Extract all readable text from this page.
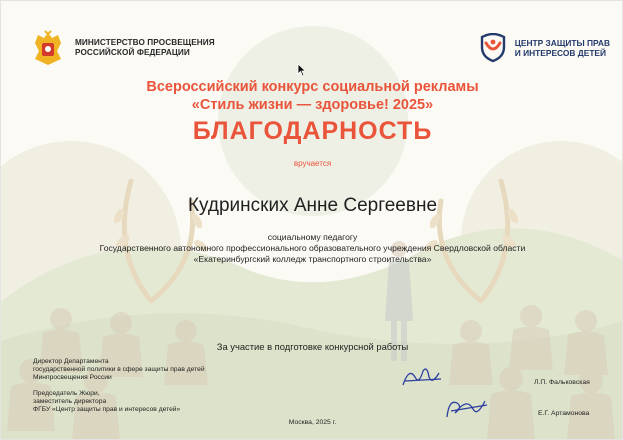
МИНИСТЕРСТВО ПРОСВЕЩЕНИЯ
РОССИЙСКОЙ ФЕДЕРАЦИИ
ЦЕНТР ЗАЩИТЫ ПРАВ
И ИНТЕРЕСОВ ДЕТЕЙ
Всероссийский конкурс социальной рекламы
«Стиль жизни — здоровье! 2025»
БЛАГОДАРНОСТЬ
вручается
Кудринских Анне Сергеевне
социальному педагогу
Государственного автономного профессионального образовательного учреждения Свердловской области
«Екатеринбургский колледж транспортного строительства»
За участие в подготовке конкурсной работы
Директор Департамента
государственной политики в сфере защиты прав детей
Минпросвещения России
Председатель Жюри,
заместитель директора
ФГБУ «Центр защиты прав и интересов детей»
Л.П. Фальковская
Е.Г. Артамонова
Москва, 2025 г.
